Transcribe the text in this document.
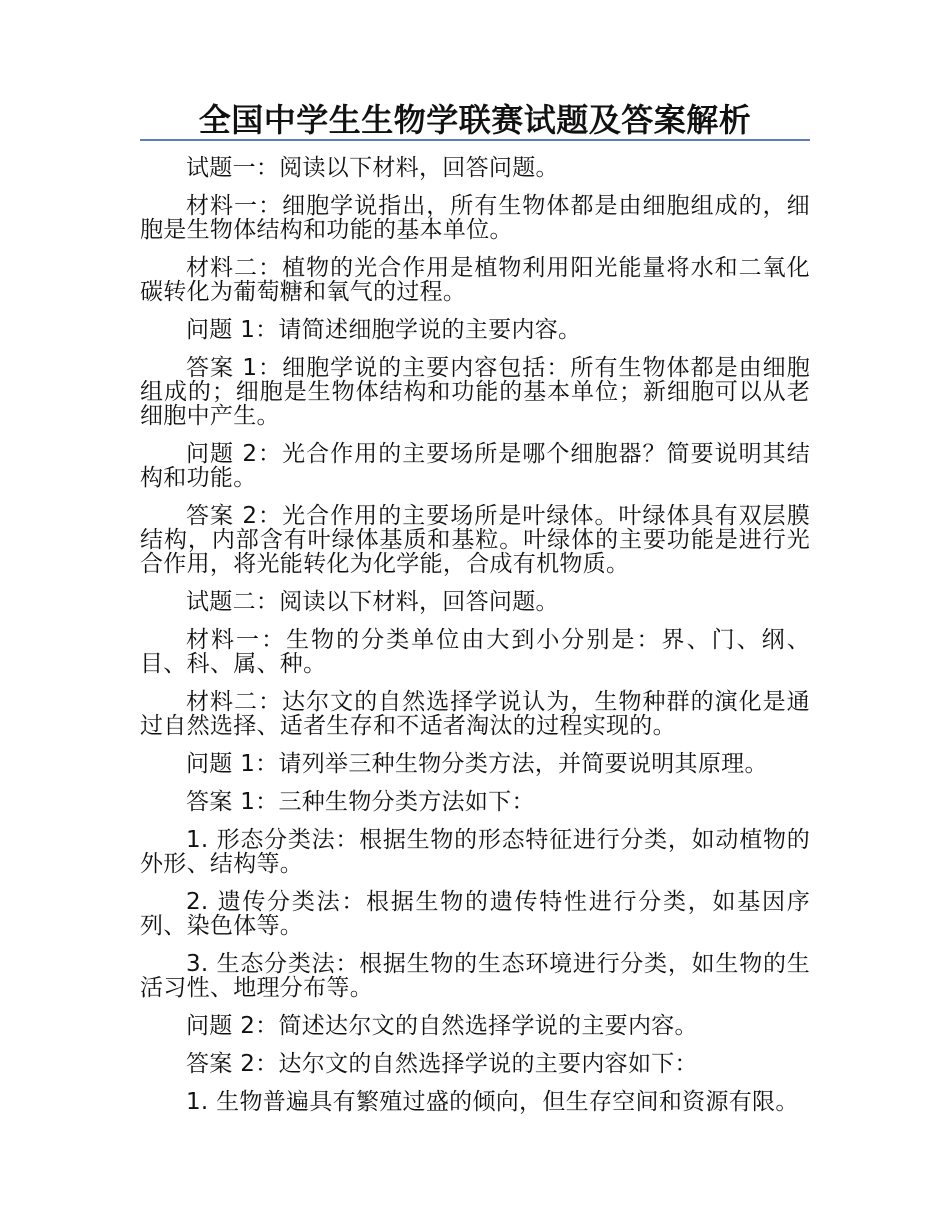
全国中学生生物学联赛试题及答案解析

试题一：阅读以下材料，回答问题。

材料一：细胞学说指出，所有生物体都是由细胞组成的，细胞是生物体结构和功能的基本单位。

材料二：植物的光合作用是植物利用阳光能量将水和二氧化碳转化为葡萄糖和氧气的过程。

问题 1：请简述细胞学说的主要内容。

答案 1：细胞学说的主要内容包括：所有生物体都是由细胞组成的；细胞是生物体结构和功能的基本单位；新细胞可以从老细胞中产生。

问题 2：光合作用的主要场所是哪个细胞器？简要说明其结构和功能。

答案 2：光合作用的主要场所是叶绿体。叶绿体具有双层膜结构，内部含有叶绿体基质和基粒。叶绿体的主要功能是进行光合作用，将光能转化为化学能，合成有机物质。

试题二：阅读以下材料，回答问题。

材料一：生物的分类单位由大到小分别是：界、门、纲、目、科、属、种。

材料二：达尔文的自然选择学说认为，生物种群的演化是通过自然选择、适者生存和不适者淘汰的过程实现的。

问题 1：请列举三种生物分类方法，并简要说明其原理。

答案 1：三种生物分类方法如下：

1. 形态分类法：根据生物的形态特征进行分类，如动植物的外形、结构等。

2. 遗传分类法：根据生物的遗传特性进行分类，如基因序列、染色体等。

3. 生态分类法：根据生物的生态环境进行分类，如生物的生活习性、地理分布等。

问题 2：简述达尔文的自然选择学说的主要内容。

答案 2：达尔文的自然选择学说的主要内容如下：

1. 生物普遍具有繁殖过盛的倾向，但生存空间和资源有限。
